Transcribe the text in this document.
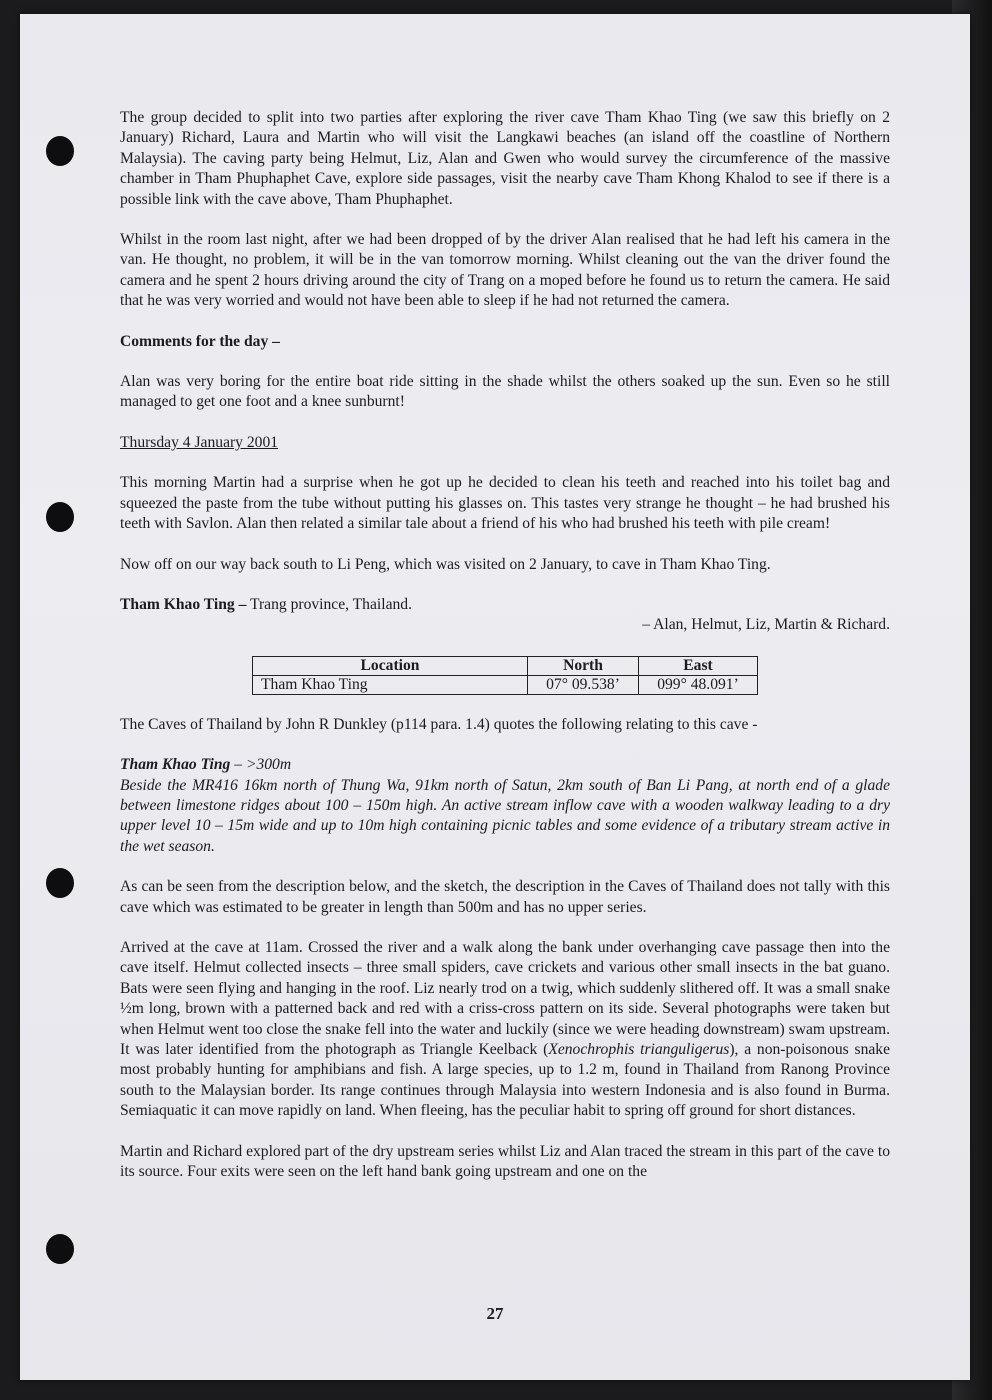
The group decided to split into two parties after exploring the river cave Tham Khao Ting (we saw this briefly on 2 January) Richard, Laura and Martin who will visit the Langkawi beaches (an island off the coastline of Northern Malaysia). The caving party being Helmut, Liz, Alan and Gwen who would survey the circumference of the massive chamber in Tham Phuphaphet Cave, explore side passages, visit the nearby cave Tham Khong Khalod to see if there is a possible link with the cave above, Tham Phuphaphet.

Whilst in the room last night, after we had been dropped of by the driver Alan realised that he had left his camera in the van. He thought, no problem, it will be in the van tomorrow morning. Whilst cleaning out the van the driver found the camera and he spent 2 hours driving around the city of Trang on a moped before he found us to return the camera. He said that he was very worried and would not have been able to sleep if he had not returned the camera.

Comments for the day –

Alan was very boring for the entire boat ride sitting in the shade whilst the others soaked up the sun. Even so he still managed to get one foot and a knee sunburnt!

Thursday 4 January 2001

This morning Martin had a surprise when he got up he decided to clean his teeth and reached into his toilet bag and squeezed the paste from the tube without putting his glasses on. This tastes very strange he thought – he had brushed his teeth with Savlon. Alan then related a similar tale about a friend of his who had brushed his teeth with pile cream!

Now off on our way back south to Li Peng, which was visited on 2 January, to cave in Tham Khao Ting.

Tham Khao Ting – Trang province, Thailand.

– Alan, Helmut, Liz, Martin & Richard.

Location	North	East
Tham Khao Ting	07° 09.538’	099° 48.091’

The Caves of Thailand by John R Dunkley (p114 para. 1.4) quotes the following relating to this cave -

Tham Khao Ting – >300m

Beside the MR416 16km north of Thung Wa, 91km north of Satun, 2km south of Ban Li Pang, at north end of a glade between limestone ridges about 100 – 150m high. An active stream inflow cave with a wooden walkway leading to a dry upper level 10 – 15m wide and up to 10m high containing picnic tables and some evidence of a tributary stream active in the wet season.

As can be seen from the description below, and the sketch, the description in the Caves of Thailand does not tally with this cave which was estimated to be greater in length than 500m and has no upper series.

Arrived at the cave at 11am. Crossed the river and a walk along the bank under overhanging cave passage then into the cave itself. Helmut collected insects – three small spiders, cave crickets and various other small insects in the bat guano. Bats were seen flying and hanging in the roof. Liz nearly trod on a twig, which suddenly slithered off. It was a small snake ½m long, brown with a patterned back and red with a criss-cross pattern on its side. Several photographs were taken but when Helmut went too close the snake fell into the water and luckily (since we were heading downstream) swam upstream. It was later identified from the photograph as Triangle Keelback (Xenochrophis trianguligerus), a non-poisonous snake most probably hunting for amphibians and fish. A large species, up to 1.2 m, found in Thailand from Ranong Province south to the Malaysian border. Its range continues through Malaysia into western Indonesia and is also found in Burma. Semiaquatic it can move rapidly on land. When fleeing, has the peculiar habit to spring off ground for short distances.

Martin and Richard explored part of the dry upstream series whilst Liz and Alan traced the stream in this part of the cave to its source. Four exits were seen on the left hand bank going upstream and one on the

27
